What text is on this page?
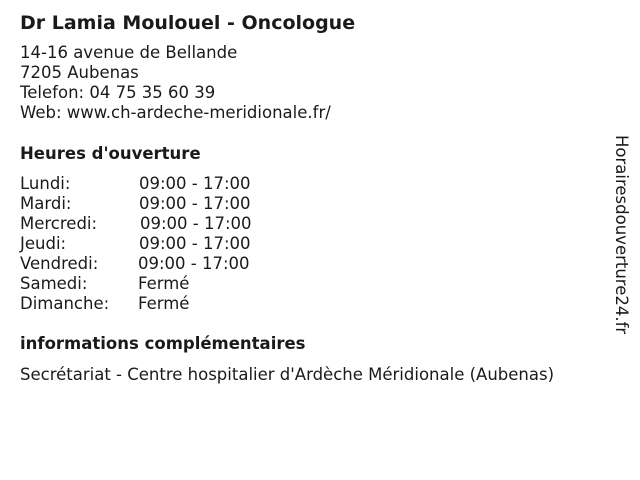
Dr Lamia Moulouel - Oncologue
14-16 avenue de Bellande
7205 Aubenas
Telefon: 04 75 35 60 39
Web: www.ch-ardeche-meridionale.fr/
Heures d'ouverture
Lundi:	09:00 - 17:00
Mardi:	09:00 - 17:00
Mercredi:	09:00 - 17:00
Jeudi:	09:00 - 17:00
Vendredi: 09:00 - 17:00
Samedi:	Fermé
Dimanche: Fermé
informations complémentaires
Secrétariat - Centre hospitalier d'Ardèche Méridionale (Aubenas)
Horairesdouverture24.fr
